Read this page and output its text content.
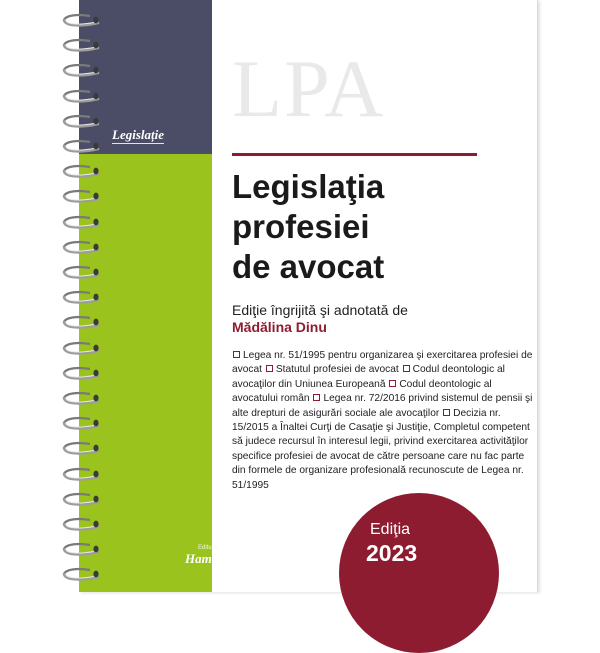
Legislație
LPA
Legislaţia
profesiei
de avocat
Ediţie îngrijită şi adnotată de
Mădălina Dinu
Legea nr. 51/1995 pentru organizarea şi exercitarea profesiei de avocat Statutul profesiei de avocat Codul deontologic al avocaţilor din Uniunea Europeană Codul deontologic al avocatului român Legea nr. 72/2016 privind sistemul de pensii şi alte drepturi de asigurări sociale ale avocaţilor Decizia nr. 15/2015 a Înaltei Curţi de Casaţie şi Justiţie, Completul competent să judece recursul în interesul legii, privind exercitarea activităţilor specifice profesiei de avocat de către persoane care nu fac parte din formele de organizare profesională recunoscute de Legea nr. 51/1995
Editura
Hamangiu
Ediţia
2023
